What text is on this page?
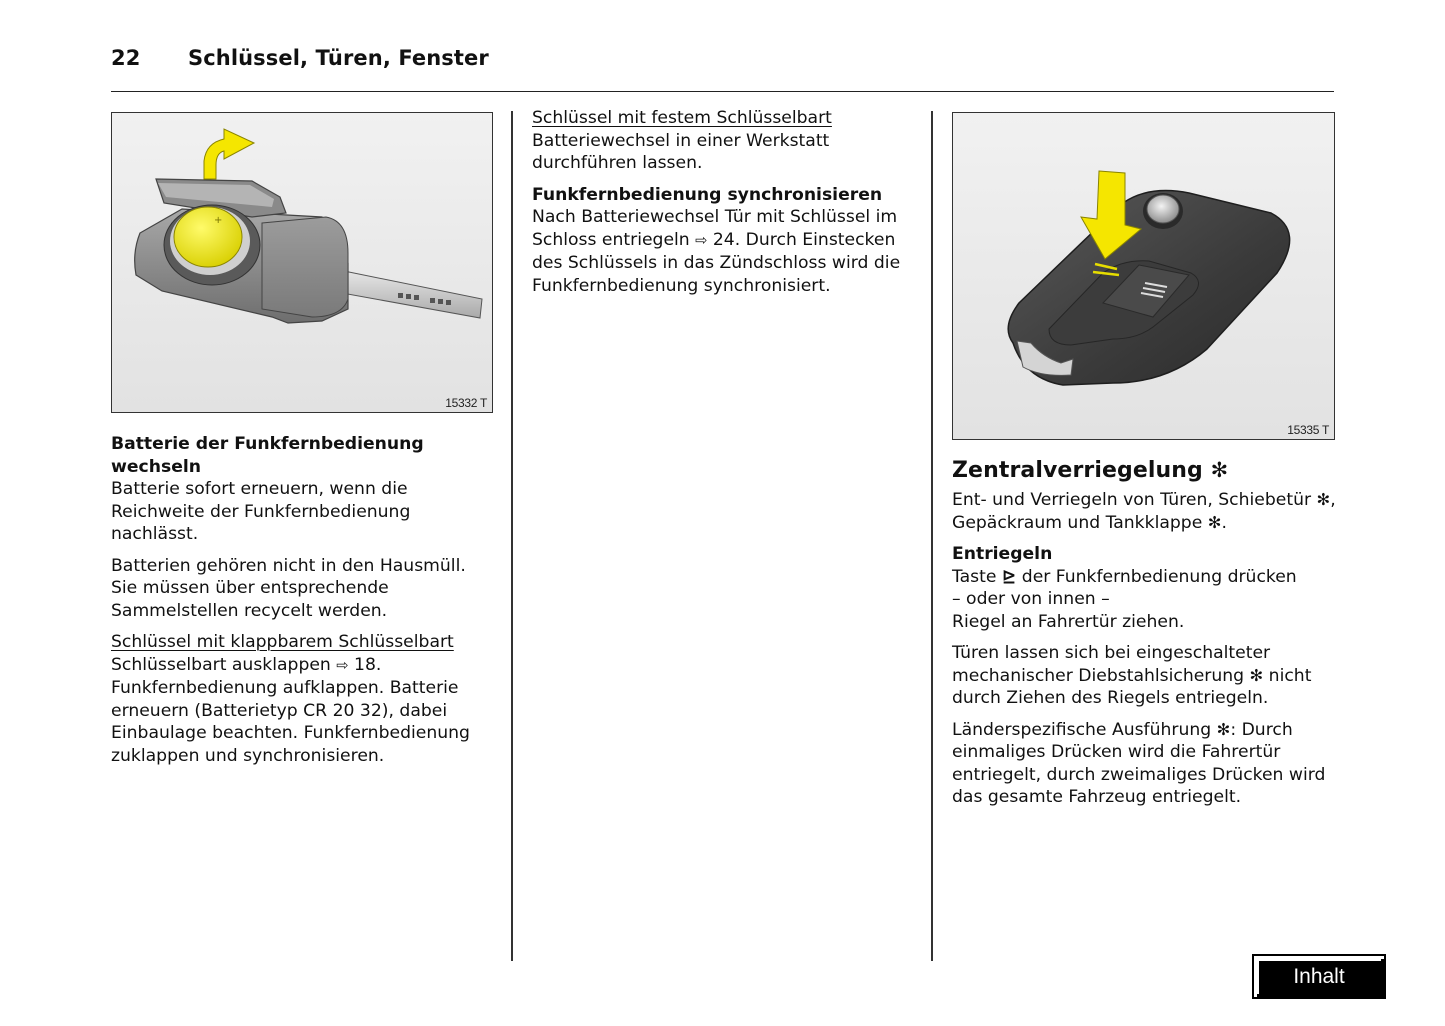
22 Schlüssel, Türen, Fenster
+
15332 T
15335 T

Batterie der Funkfernbedienung wechseln
Batterie sofort erneuern, wenn die Reichweite der Funkfernbedienung nachlässt.

Batterien gehören nicht in den Hausmüll. Sie müssen über entsprechende Sammelstellen recycelt werden.

Schlüssel mit klappbarem Schlüsselbart
Schlüsselbart ausklappen ⇨ 18. Funkfernbedienung aufklappen. Batterie erneuern (Batterietyp CR 20 32), dabei Einbaulage beachten. Funkfernbedienung zuklappen und synchronisieren.

Schlüssel mit festem Schlüsselbart
Batteriewechsel in einer Werkstatt durchführen lassen.

Funkfernbedienung synchronisieren
Nach Batteriewechsel Tür mit Schlüssel im Schloss entriegeln ⇨ 24. Durch Einstecken des Schlüssels in das Zündschloss wird die Funkfernbedienung synchronisiert.

Zentralverriegelung ✻

Ent- und Verriegeln von Türen, Schiebetür ✻, Gepäckraum und Tankklappe ✻.

Entriegeln
Taste ⊵ der Funkfernbedienung drücken
– oder von innen –
Riegel an Fahrertür ziehen.

Türen lassen sich bei eingeschalteter mechanischer Diebstahlsicherung ✻ nicht durch Ziehen des Riegels entriegeln.

Länderspezifische Ausführung ✻: Durch einmaliges Drücken wird die Fahrertür entriegelt, durch zweimaliges Drücken wird das gesamte Fahrzeug entriegelt.

Inhalt
